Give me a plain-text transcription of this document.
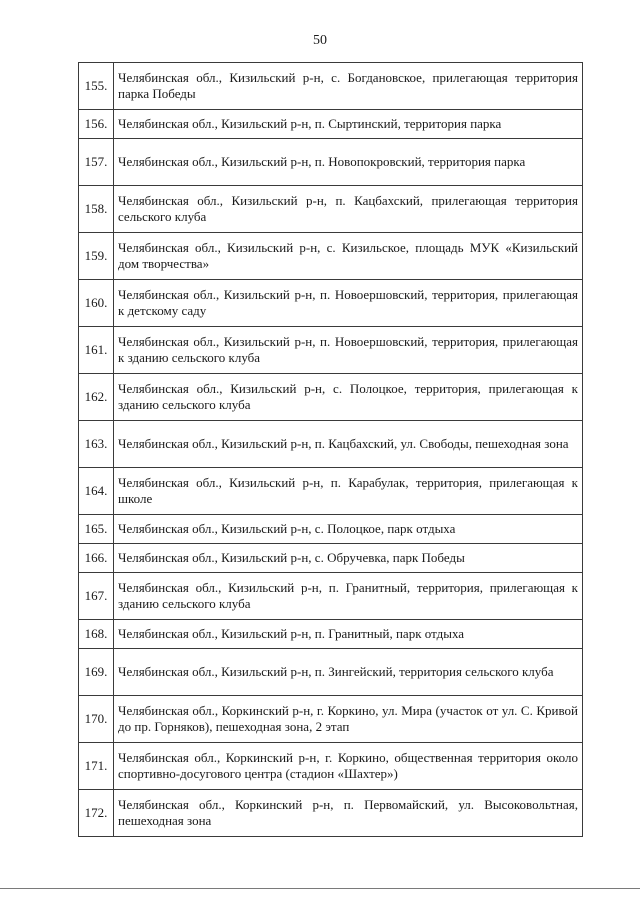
50
155.	Челябинская обл., Кизильский р-н, с. Богдановское, прилегающая территория парка Победы
156.	Челябинская обл., Кизильский р-н, п. Сыртинский, территория парка
157.	Челябинская обл., Кизильский р-н, п. Новопокровский, территория парка
158.	Челябинская обл., Кизильский р-н, п. Кацбахский, прилегающая территория сельского клуба
159.	Челябинская обл., Кизильский р-н, с. Кизильское, площадь МУК «Кизильский дом творчества»
160.	Челябинская обл., Кизильский р-н, п. Новоершовский, территория, прилегающая к детскому саду
161.	Челябинская обл., Кизильский р-н, п. Новоершовский, территория, прилегающая к зданию сельского клуба
162.	Челябинская обл., Кизильский р-н, с. Полоцкое, территория, прилегающая к зданию сельского клуба
163.	Челябинская обл., Кизильский р-н, п. Кацбахский, ул. Свободы, пешеходная зона
164.	Челябинская обл., Кизильский р-н, п. Карабулак, территория, прилегающая к школе
165.	Челябинская обл., Кизильский р-н, с. Полоцкое, парк отдыха
166.	Челябинская обл., Кизильский р-н, с. Обручевка, парк Победы
167.	Челябинская обл., Кизильский р-н, п. Гранитный, территория, прилегающая к зданию сельского клуба
168.	Челябинская обл., Кизильский р-н, п. Гранитный, парк отдыха
169.	Челябинская обл., Кизильский р-н, п. Зингейский, территория сельского клуба
170.	Челябинская обл., Коркинский р-н, г. Коркино, ул. Мира (участок от ул. С. Кривой до пр. Горняков), пешеходная зона, 2 этап
171.	Челябинская обл., Коркинский р-н, г. Коркино, общественная территория около спортивно-досугового центра (стадион «Шахтер»)
172.	Челябинская обл., Коркинский р-н, п. Первомайский, ул. Высоковольтная, пешеходная зона
